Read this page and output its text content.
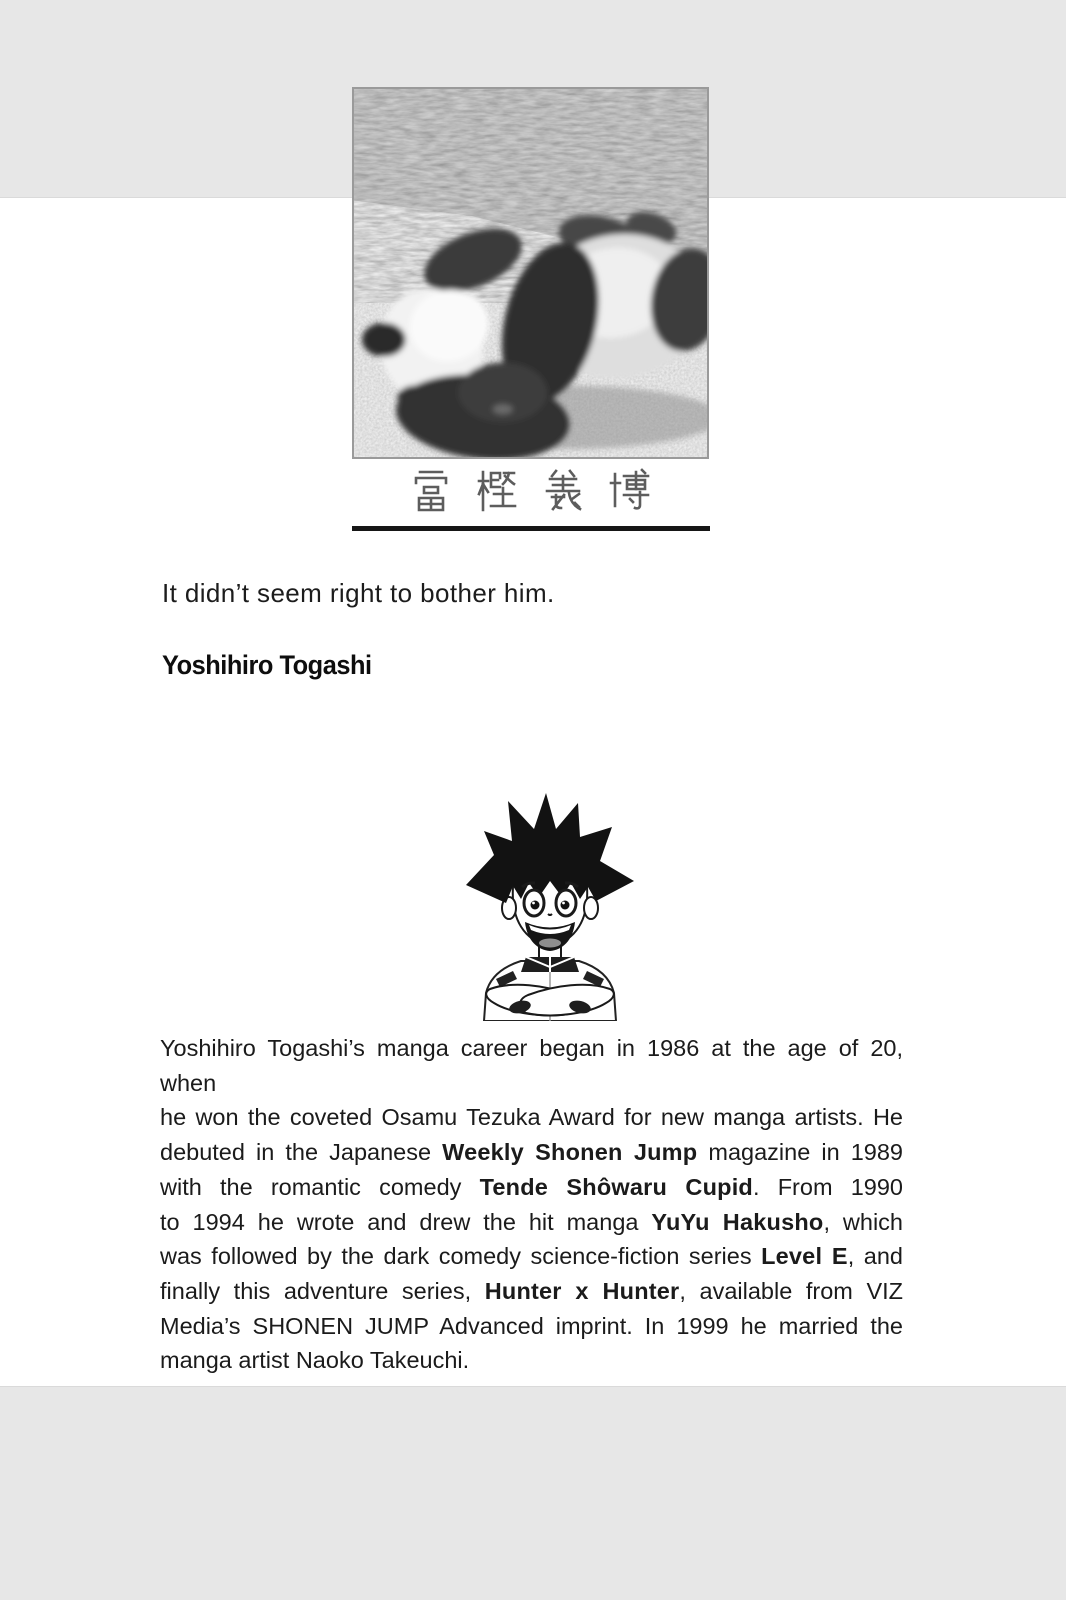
It didn’t seem right to bother him.
Yoshihiro Togashi
Yoshihiro Togashi’s manga career began in 1986 at the age of 20, when
he won the coveted Osamu Tezuka Award for new manga artists. He
debuted in the Japanese Weekly Shonen Jump magazine in 1989
with the romantic comedy Tende Shôwaru Cupid. From 1990
to 1994 he wrote and drew the hit manga YuYu Hakusho, which
was followed by the dark comedy science-fiction series Level E, and
finally this adventure series, Hunter x Hunter, available from VIZ
Media’s SHONEN JUMP Advanced imprint. In 1999 he married the
manga artist Naoko Takeuchi.
